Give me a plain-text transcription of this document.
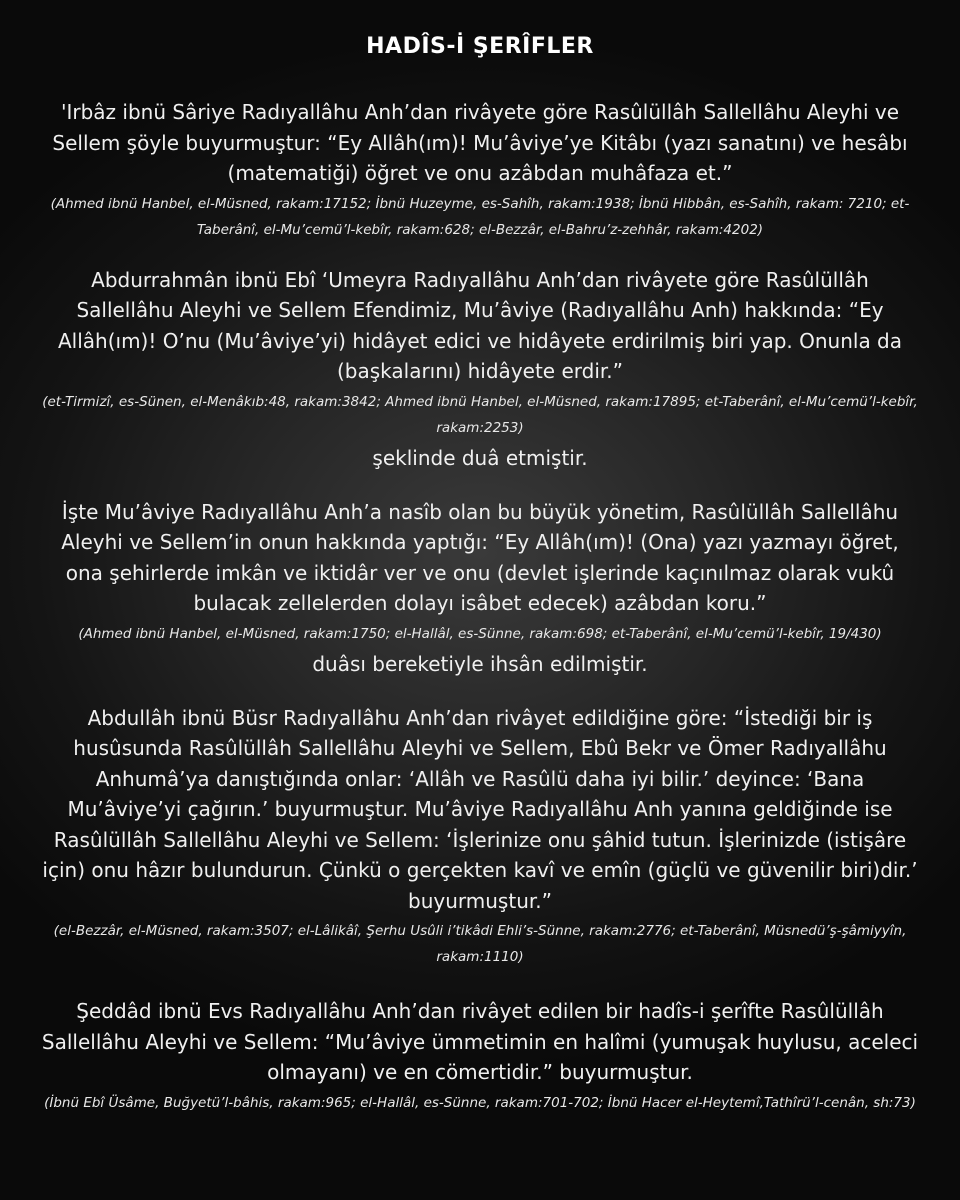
HADÎS-İ ŞERÎFLER

'Irbâz ibnü Sâriye Radıyallâhu Anh’dan rivâyete göre Rasûlüllâh Sallellâhu Aleyhi ve Sellem şöyle buyurmuştur: “Ey Allâh(ım)! Mu’âviye’ye Kitâbı (yazı sanatını) ve hesâbı (matematiği) öğret ve onu azâbdan muhâfaza et.”

(Ahmed ibnü Hanbel, el-Müsned, rakam:17152; İbnü Huzeyme, es-Sahîh, rakam:1938; İbnü Hibbân, es-Sahîh, rakam: 7210; et-Taberânî, el-Mu’cemü’l-kebîr, rakam:628; el-Bezzâr, el-Bahru’z-zehhâr, rakam:4202)

Abdurrahmân ibnü Ebî ‘Umeyra Radıyallâhu Anh’dan rivâyete göre Rasûlüllâh Sallellâhu Aleyhi ve Sellem Efendimiz, Mu’âviye (Radıyallâhu Anh) hakkında: “Ey Allâh(ım)! O’nu (Mu’âviye’yi) hidâyet edici ve hidâyete erdirilmiş biri yap. Onunla da (başkalarını) hidâyete erdir.”

(et-Tirmizî, es-Sünen, el-Menâkıb:48, rakam:3842; Ahmed ibnü Hanbel, el-Müsned, rakam:17895; et-Taberânî, el-Mu’cemü’l-kebîr, rakam:2253)

şeklinde duâ etmiştir.

İşte Mu’âviye Radıyallâhu Anh’a nasîb olan bu büyük yönetim, Rasûlüllâh Sallellâhu Aleyhi ve Sellem’in onun hakkında yaptığı: “Ey Allâh(ım)! (Ona) yazı yazmayı öğret, ona şehirlerde imkân ve iktidâr ver ve onu (devlet işlerinde kaçınılmaz olarak vukû bulacak zellelerden dolayı isâbet edecek) azâbdan koru.”

(Ahmed ibnü Hanbel, el-Müsned, rakam:1750; el-Hallâl, es-Sünne, rakam:698; et-Taberânî, el-Mu’cemü’l-kebîr, 19/430)

duâsı bereketiyle ihsân edilmiştir.

Abdullâh ibnü Büsr Radıyallâhu Anh’dan rivâyet edildiğine göre: “İstediği bir iş husûsunda Rasûlüllâh Sallellâhu Aleyhi ve Sellem, Ebû Bekr ve Ömer Radıyallâhu Anhumâ’ya danıştığında onlar: ‘Allâh ve Rasûlü daha iyi bilir.’ deyince: ‘Bana Mu’âviye’yi çağırın.’ buyurmuştur. Mu’âviye Radıyallâhu Anh yanına geldiğinde ise Rasûlüllâh Sallellâhu Aleyhi ve Sellem: ‘İşlerinize onu şâhid tutun. İşlerinizde (istişâre için) onu hâzır bulundurun. Çünkü o gerçekten kavî ve emîn (güçlü ve güvenilir biri)dir.’ buyurmuştur.”

(el-Bezzâr, el-Müsned, rakam:3507; el-Lâlikâî, Şerhu Usûli i’tikâdi Ehli’s-Sünne, rakam:2776; et-Taberânî, Müsnedü’ş-şâmiyyîn, rakam:1110)

Şeddâd ibnü Evs Radıyallâhu Anh’dan rivâyet edilen bir hadîs-i şerîfte Rasûlüllâh Sallellâhu Aleyhi ve Sellem: “Mu’âviye ümmetimin en halîmi (yumuşak huylusu, aceleci olmayanı) ve en cömertidir.” buyurmuştur.

(İbnü Ebî Üsâme, Buğyetü’l-bâhis, rakam:965; el-Hallâl, es-Sünne, rakam:701-702; İbnü Hacer el-Heytemî,Tathîrü’l-cenân, sh:73)
